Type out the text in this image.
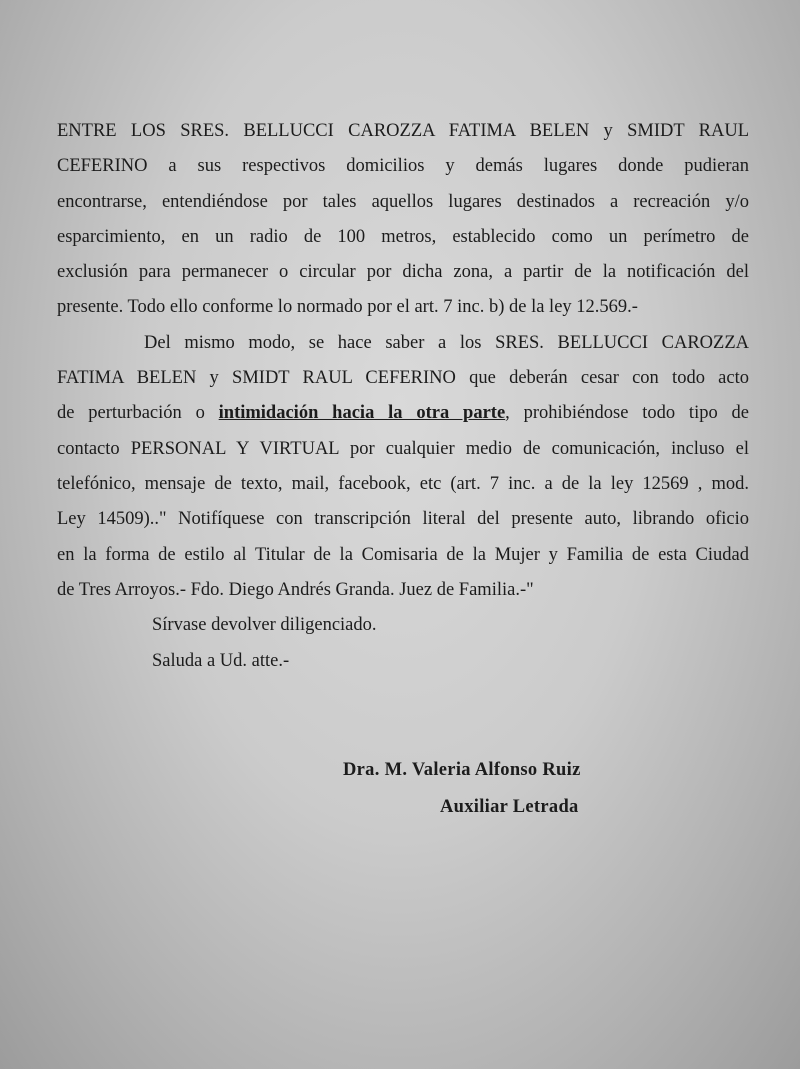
ENTRE LOS SRES. BELLUCCI CAROZZA FATIMA BELEN y SMIDT RAUL

CEFERINO a sus respectivos domicilios y demás lugares donde pudieran

encontrarse, entendiéndose por tales aquellos lugares destinados a recreación y/o

esparcimiento, en un radio de 100 metros, establecido como un perímetro de

exclusión para permanecer o circular por dicha zona, a partir de la notificación del

presente. Todo ello conforme lo normado por el art. 7 inc. b) de la ley 12.569.-

Del mismo modo, se hace saber a los SRES. BELLUCCI CAROZZA

FATIMA BELEN y SMIDT RAUL CEFERINO que deberán cesar con todo acto

de perturbación o intimidación hacia la otra parte, prohibiéndose todo tipo de

contacto PERSONAL Y VIRTUAL por cualquier medio de comunicación, incluso el

telefónico, mensaje de texto, mail, facebook, etc (art. 7 inc. a de la ley 12569 , mod.

Ley 14509).." Notifíquese con transcripción literal del presente auto, librando oficio

en la forma de estilo al Titular de la Comisaria de la Mujer y Familia de esta Ciudad

de Tres Arroyos.- Fdo. Diego Andrés Granda. Juez de Familia.-"

Sírvase devolver diligenciado.
Saluda a Ud. atte.-
Dra. M. Valeria Alfonso Ruiz
Auxiliar Letrada
